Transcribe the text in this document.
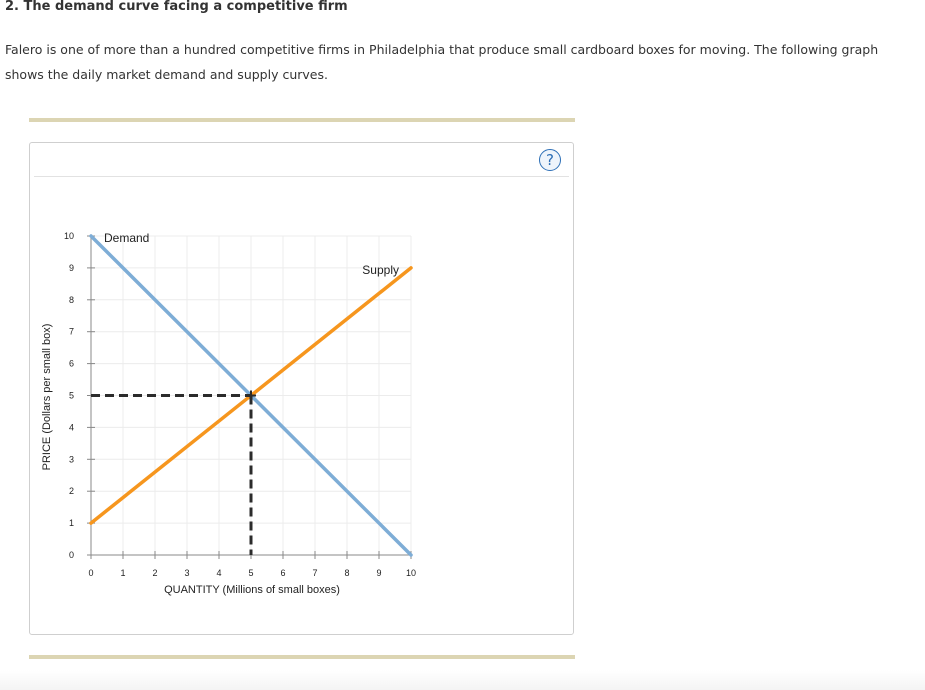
2. The demand curve facing a competitive firm

Falero is one of more than a hundred competitive firms in Philadelphia that produce small cardboard boxes for moving. The following graph shows the daily market demand and supply curves.

?
0	1	2	3	4	5	6	7	8	9	10
0
1
2
3
4
5
6
7
8
9
10	Demand
Supply
PRICE (Dollars per small box)
QUANTITY (Millions of small boxes)
